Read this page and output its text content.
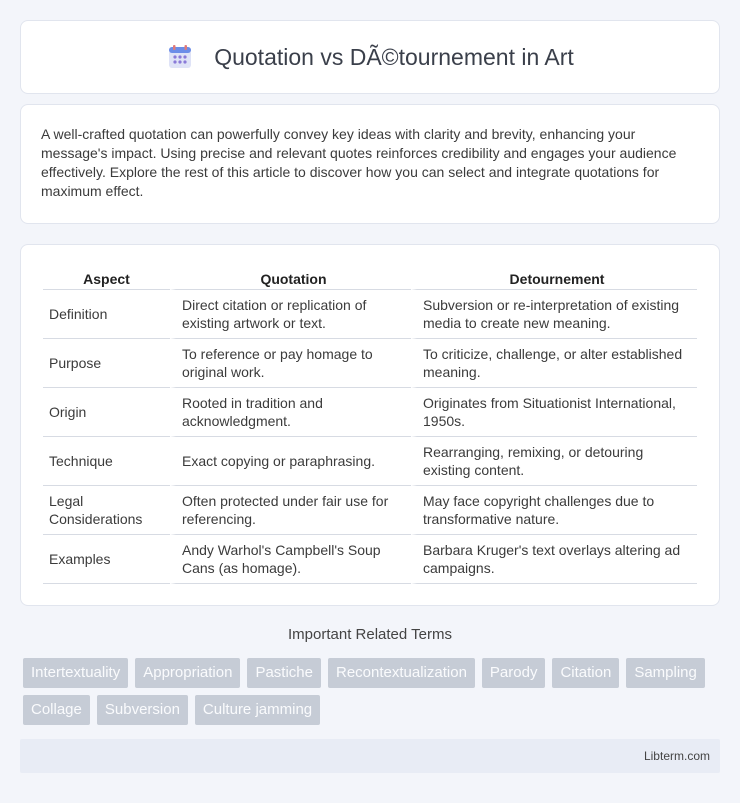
Quotation vs DÃ©tournement in Art

A well-crafted quotation can powerfully convey key ideas with clarity and brevity, enhancing your message's impact. Using precise and relevant quotes reinforces credibility and engages your audience effectively. Explore the rest of this article to discover how you can select and integrate quotations for maximum effect.

Aspect	Quotation	Detournement
Definition	Direct citation or replication of existing artwork or text.	Subversion or re-interpretation of existing media to create new meaning.
Purpose	To reference or pay homage to original work.	To criticize, challenge, or alter established meaning.
Origin	Rooted in tradition and acknowledgment.	Originates from Situationist International, 1950s.
Technique	Exact copying or paraphrasing.	Rearranging, remixing, or detouring existing content.
Legal Considerations	Often protected under fair use for referencing.	May face copyright challenges due to transformative nature.
Examples	Andy Warhol's Campbell's Soup Cans (as homage).	Barbara Kruger's text overlays altering ad campaigns.
Important Related Terms
Intertextuality	Appropriation	Pastiche	Recontextualization	Parody	Citation	Sampling
Collage	Subversion	Culture jamming
Libterm.com
